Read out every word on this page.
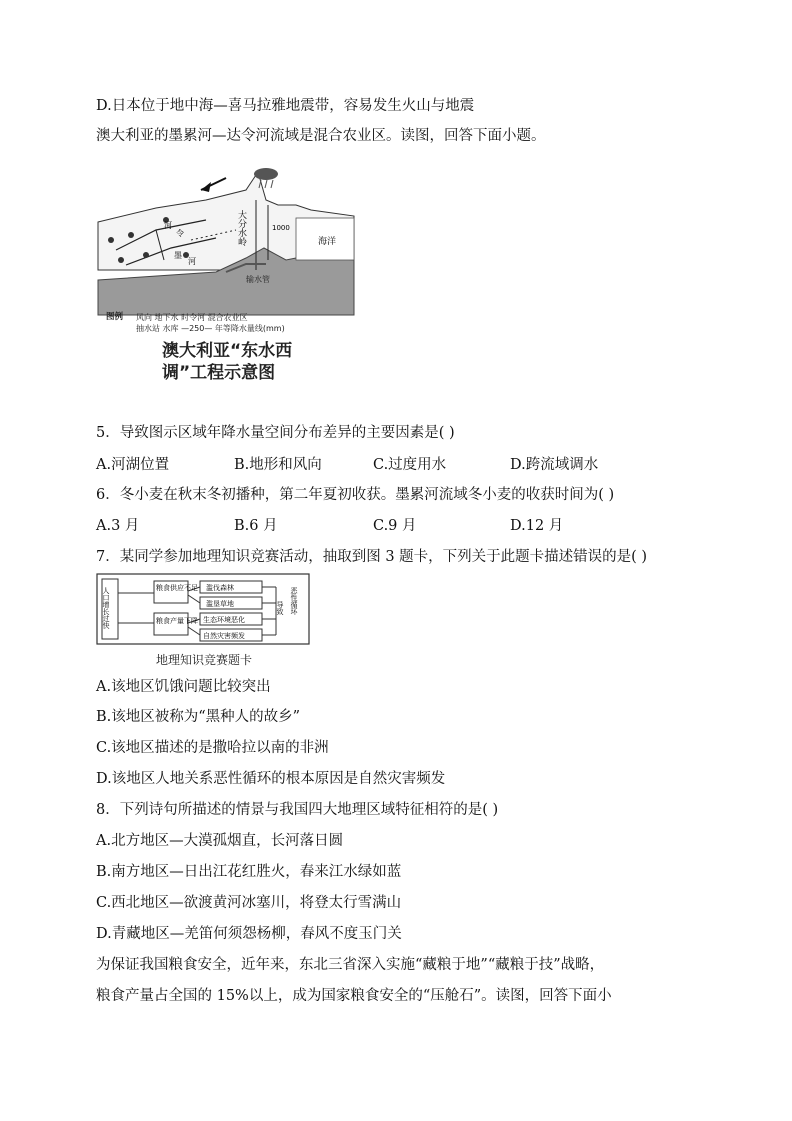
D.日本位于地中海—喜马拉雅地震带，容易发生火山与地震
澳大利亚的墨累河—达令河流域是混合农业区。读图，回答下面小题。
大分水岭	海洋
输水管
河
令
墨
河
1000
图例 风向 地下水 时令河 混合农业区
抽水站 水库 —250— 年等降水量线(mm)
澳大利亚“东水西
调”工程示意图
5．导致图示区域年降水量空间分布差异的主要因素是( )
A.河湖位置	B.地形和风向	C.过度用水	D.跨流域调水
6．冬小麦在秋末冬初播种，第二年夏初收获。墨累河流域冬小麦的收获时间为( )
A.3 月	B.6 月	C.9 月	D.12 月
7．某同学参加地理知识竞赛活动，抽取到图 3 题卡，下列关于此题卡描述错误的是( )
人口增长过快	粮食供应不足
粮食产量下降
滥伐森林
滥垦草地
生态环境恶化
自然灾害频发
导致 恶性循环
地理知识竞赛题卡
A.该地区饥饿问题比较突出
B.该地区被称为“黑种人的故乡”
C.该地区描述的是撒哈拉以南的非洲
D.该地区人地关系恶性循环的根本原因是自然灾害频发
8．下列诗句所描述的情景与我国四大地理区域特征相符的是( )
A.北方地区—大漠孤烟直，长河落日圆
B.南方地区—日出江花红胜火，春来江水绿如蓝
C.西北地区—欲渡黄河冰塞川，将登太行雪满山
D.青藏地区—羌笛何须怨杨柳，春风不度玉门关
为保证我国粮食安全，近年来，东北三省深入实施“藏粮于地”“藏粮于技”战略，
粮食产量占全国的 15%以上，成为国家粮食安全的“压舱石”。读图，回答下面小
